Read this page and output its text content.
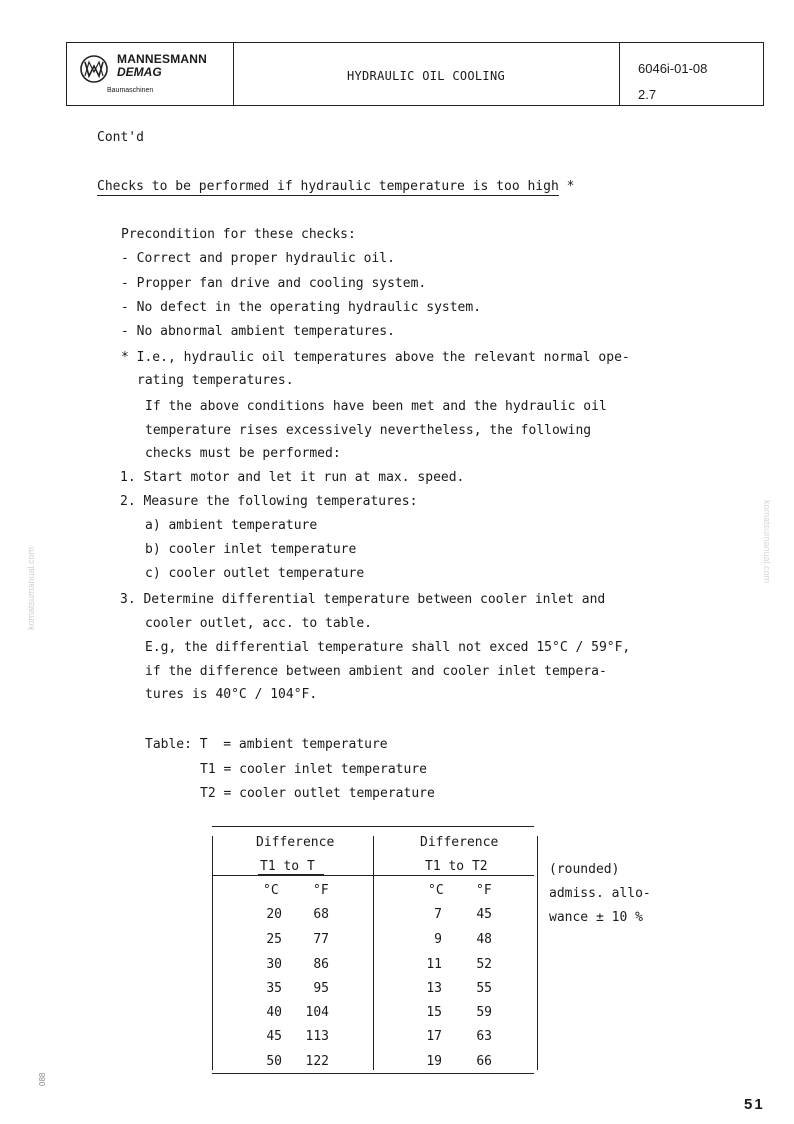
MANNESMANN
DEMAG
Baumaschinen
HYDRAULIC OIL COOLING	6046i-01-08
2.7
Cont'd
Checks to be performed if hydraulic temperature is too high *
Precondition for these checks:
- Correct and proper hydraulic oil.
- Propper fan drive and cooling system.
- No defect in the operating hydraulic system.
- No abnormal ambient temperatures.
* I.e., hydraulic oil temperatures above the relevant normal ope-
rating temperatures.
If the above conditions have been met and the hydraulic oil
temperature rises excessively nevertheless, the following
checks must be performed:
1. Start motor and let it run at max. speed.
2. Measure the following temperatures:
a) ambient temperature
b) cooler inlet temperature
c) cooler outlet temperature
3. Determine differential temperature between cooler inlet and
cooler outlet, acc. to table.
E.g, the differential temperature shall not exced 15°C / 59°F,
if the difference between ambient and cooler inlet tempera-
tures is 40°C / 104°F.
Table: T  = ambient temperature
T1 = cooler inlet temperature
T2 = cooler outlet temperature
Difference
T1 to T
Difference
T1 to T2
°C	°F	°C °F
(rounded)
admiss. allo-
wance ± 10 %
20	68	7	45
25	77	9	48
30	86	11	52
35	95	13	55
40	104	15	59
45	113	17	63
50	122	19	66
51
088
komatsumanual.com
komatsumanual.com
